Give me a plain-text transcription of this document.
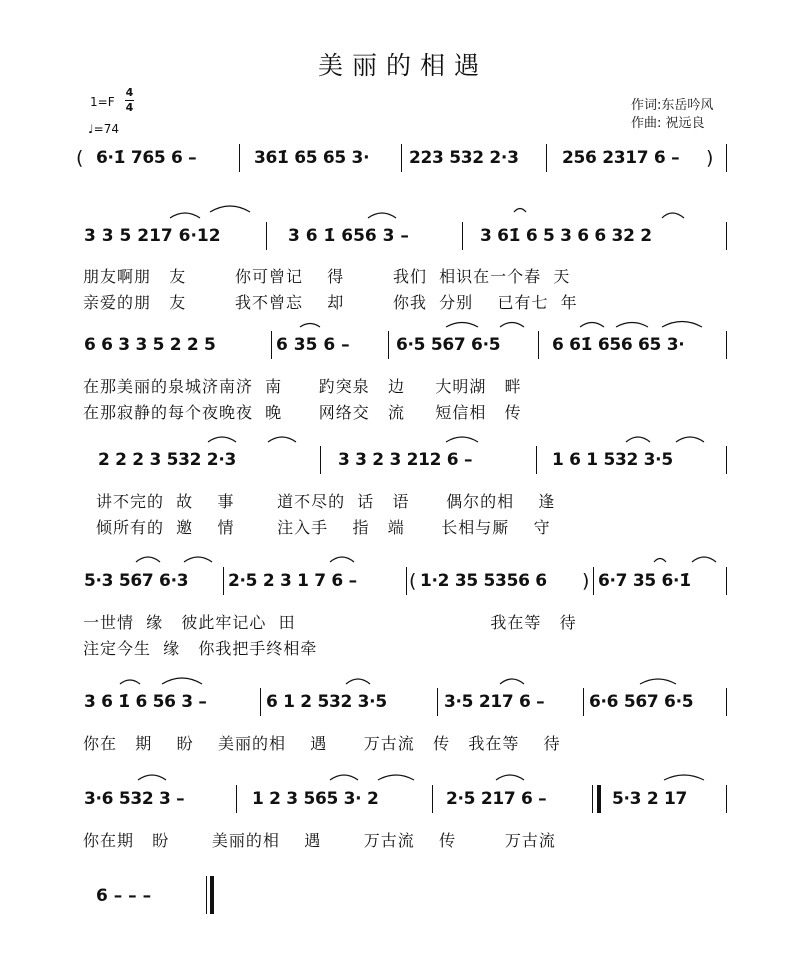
美丽的相遇
1=F
4
4
♩=74
作词:东岳吟风
作曲: 祝远良
( 6·1̇ 765 6 –	361̇ 65 65 3· 223 532 2·3	256 2317 6 – )
3 3 5 217 6·12	3 6 1̇ 656 3 –	3 61̇ 6 5 3 6 6 32 2
朋友啊朋   友        你可曾记    得        我们  相识在一个春  天
亲爱的朋   友        我不曾忘    却        你我  分别    已有七  年
6 6 3 3 5 2 2 5	6 35 6 –	6·5 567 6·5	6 61̇ 656 65 3·
在那美丽的泉城济南济  南      趵突泉   边     大明湖   畔
在那寂静的每个夜晚夜  晚      网络交   流     短信相   传
2 2 2 3 532 2·3	3 3 2 3 212 6 –	1 6 1 532 3·5
讲不完的  故    事       道不尽的  话   语      偶尔的相    逢
倾所有的  邀    情       注入手    指   端      长相与厮    守
5·3 567 6·3 2·5 2 3 1 7 6 –	( 1·2 35 5356 6 ) 6·7 35 6·1̇
一世情  缘   彼此牢记心  田                                我在等   待
注定今生  缘   你我把手终相牵
3 6 1̇ 6 56 3 –	6 1 2 532 3·5	3·5 217 6 –	6·6 567 6·5
你在   期    盼    美丽的相    遇      万古流   传   我在等    待
3·6 532 3 –	1 2 3 565 3· 2	2·5 217 6 –	5·3 2 17
你在期   盼       美丽的相    遇       万古流    传        万古流
6 – – –
